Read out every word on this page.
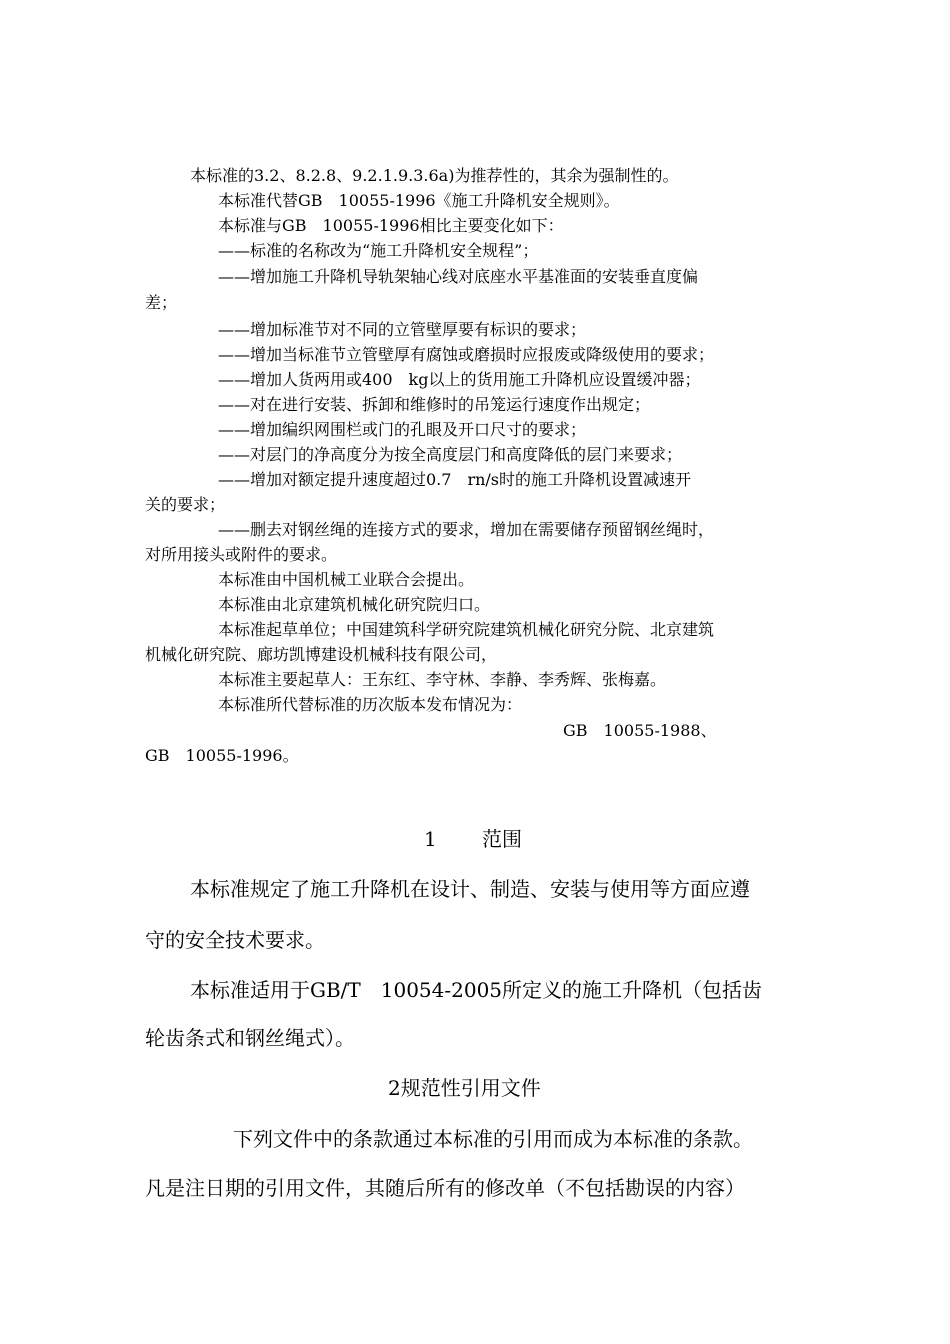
本标准的3.2、8.2.8、9.2.1.9.3.6a)为推荐性的，其余为强制性的。
本标准代替GB　10055-1996《施工升降机安全规则》。
本标准与GB　10055-1996相比主要变化如下：
——标准的名称改为“施工升降机安全规程”；
——增加施工升降机导轨架轴心线对底座水平基准面的安装垂直度偏
差；
——增加标准节对不同的立管壁厚要有标识的要求；
——增加当标准节立管壁厚有腐蚀或磨损时应报废或降级使用的要求；
——增加人货两用或400　kg以上的货用施工升降机应设置缓冲器；
——对在进行安装、拆卸和维修时的吊笼运行速度作出规定；
——增加编织网围栏或门的孔眼及开口尺寸的要求；
——对层门的净高度分为按全高度层门和高度降低的层门来要求；
——增加对额定提升速度超过0.7　rn/s时的施工升降机设置减速开
关的要求；
——删去对钢丝绳的连接方式的要求，增加在需要储存预留钢丝绳时，
对所用接头或附件的要求。
本标准由中国机械工业联合会提出。
本标准由北京建筑机械化研究院归口。
本标准起草单位；中国建筑科学研究院建筑机械化研究分院、北京建筑
机械化研究院、廊坊凯博建设机械科技有限公司，
本标准主要起草人：王东红、李守林、李静、李秀辉、张梅嘉。
本标准所代替标准的历次版本发布情况为：
GB　10055-1988、
GB　10055-1996。
1 范围
本标准规定了施工升降机在设计、制造、安装与使用等方面应遵
守的安全技术要求。
本标准适用于GB/T　10054-2005所定义的施工升降机（包括齿
轮齿条式和钢丝绳式）。
2规范性引用文件
下列文件中的条款通过本标准的引用而成为本标准的条款。
凡是注日期的引用文件，其随后所有的修改单（不包括勘误的内容）
